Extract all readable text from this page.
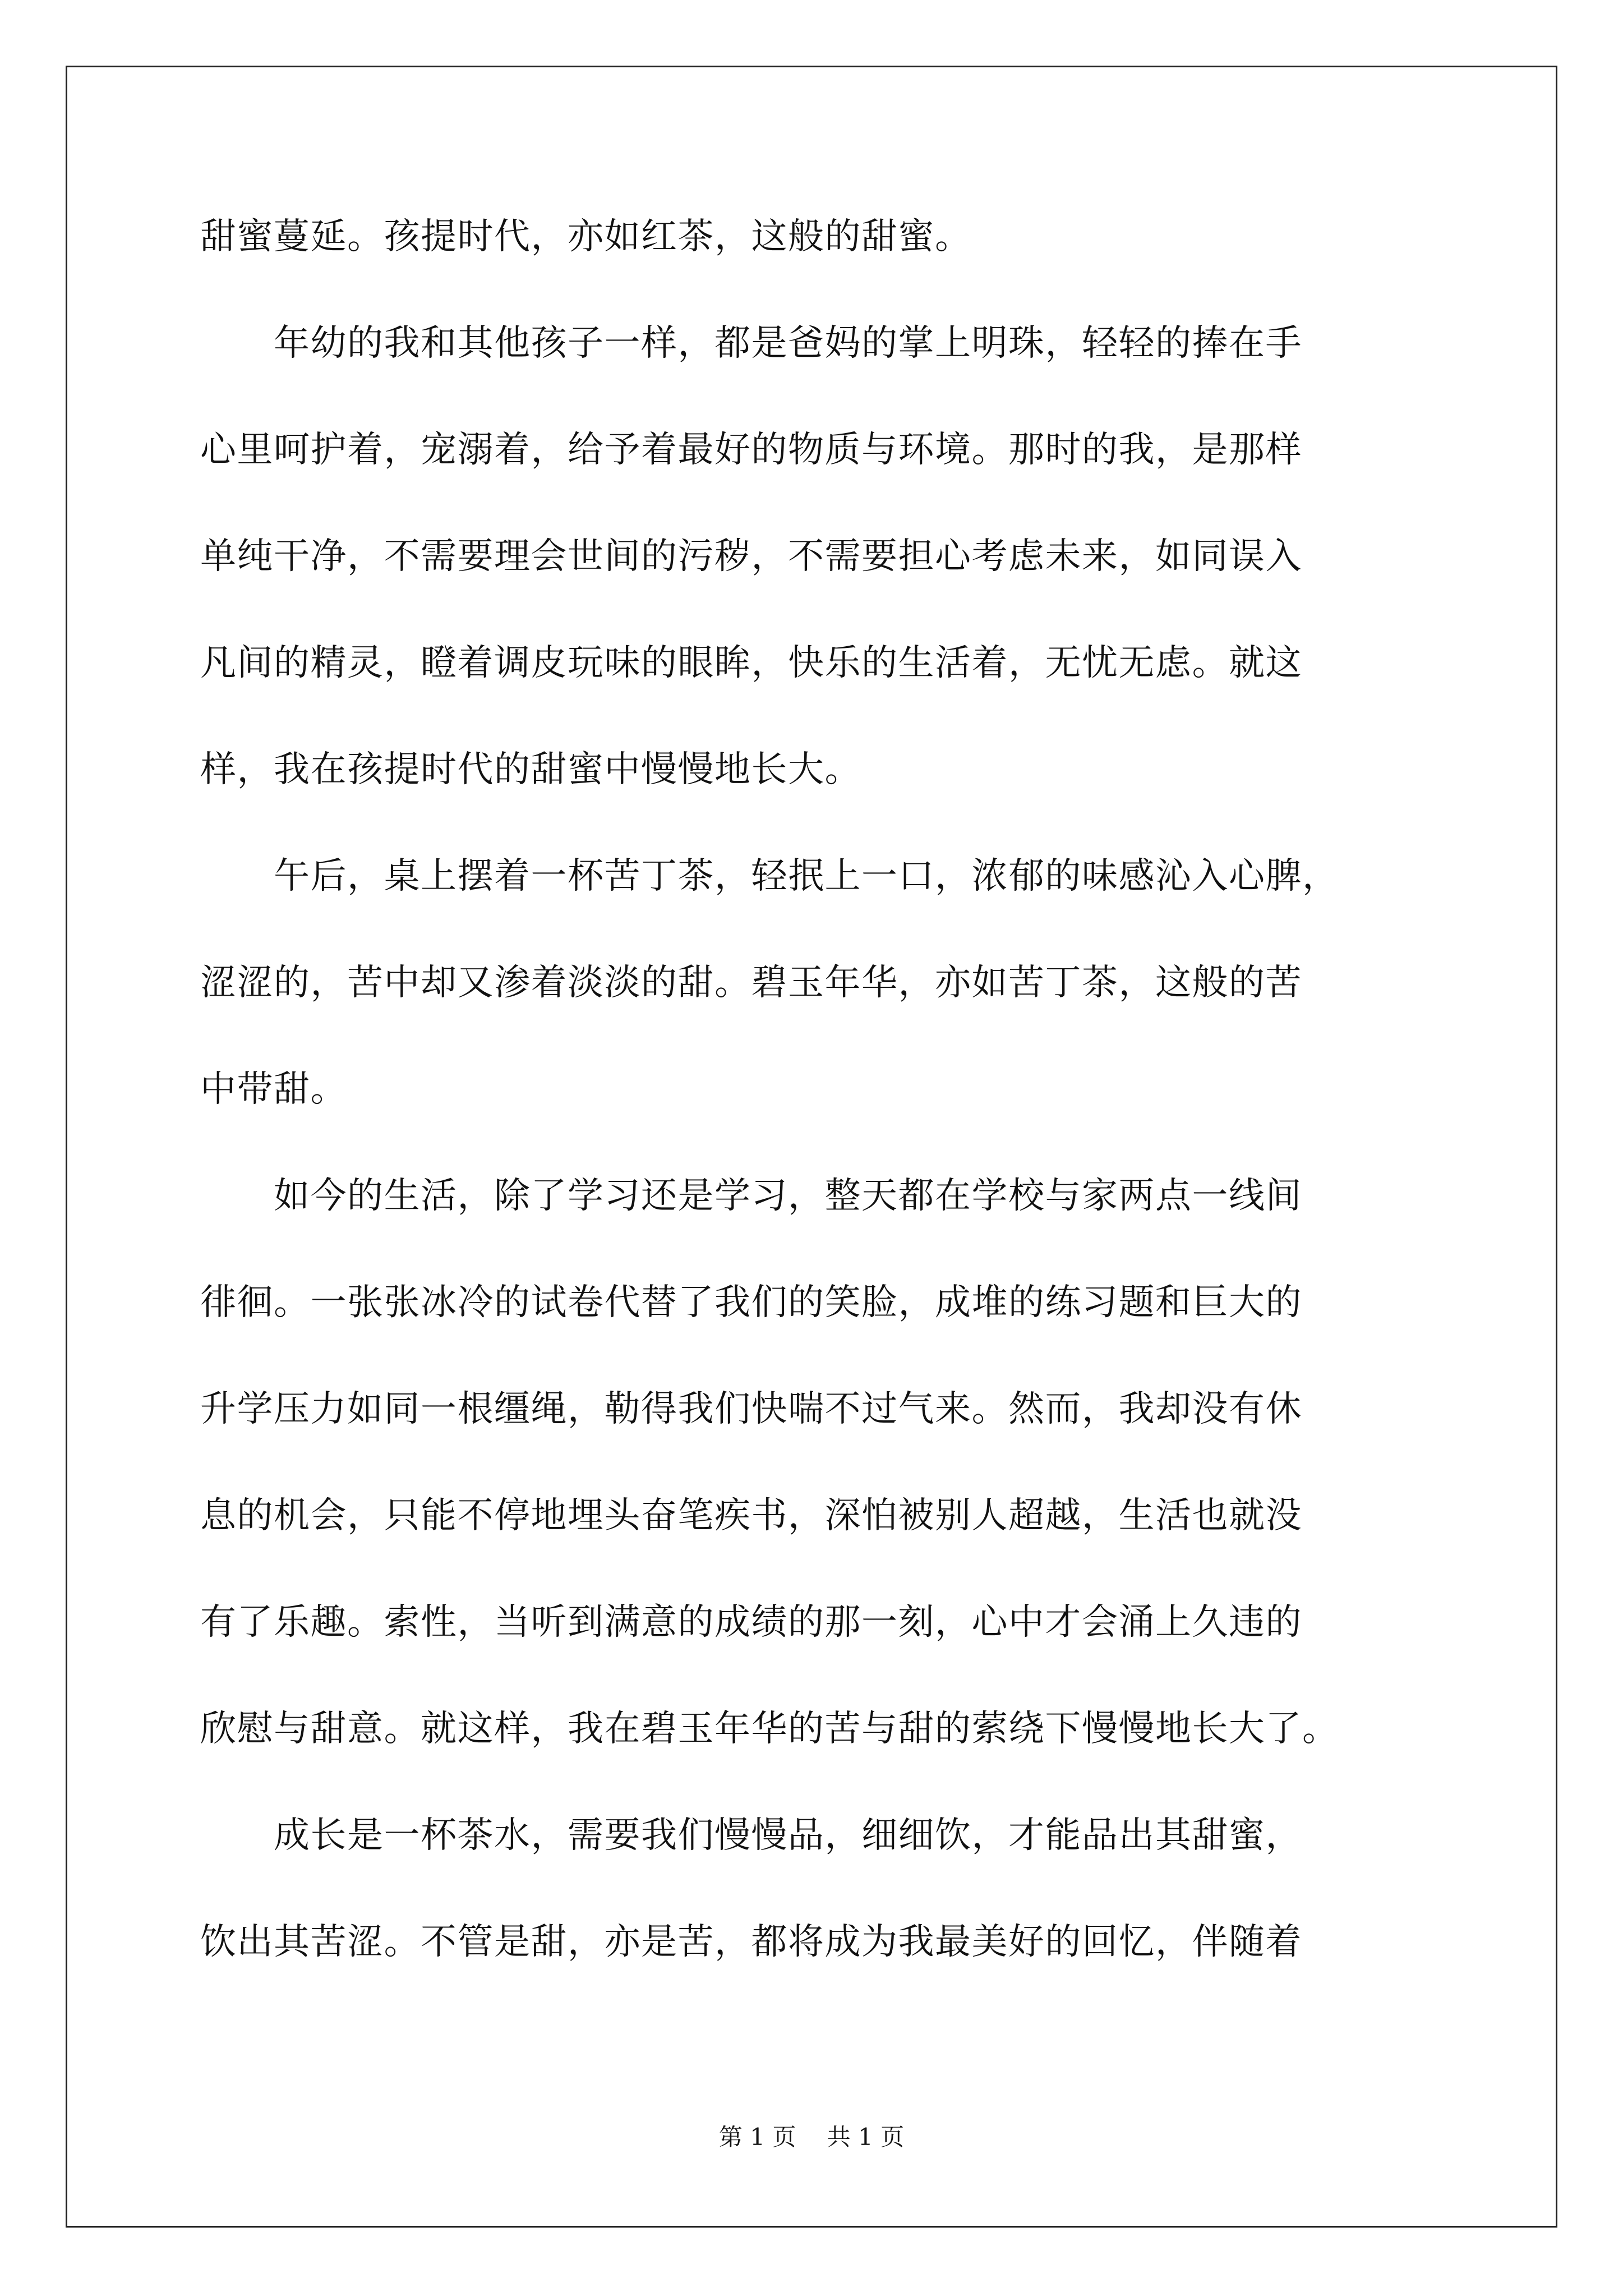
甜蜜蔓延。孩提时代，亦如红茶，这般的甜蜜。
　　年幼的我和其他孩子一样，都是爸妈的掌上明珠，轻轻的捧在手
心里呵护着，宠溺着，给予着最好的物质与环境。那时的我，是那样
单纯干净，不需要理会世间的污秽，不需要担心考虑未来，如同误入
凡间的精灵，瞪着调皮玩味的眼眸，快乐的生活着，无忧无虑。就这
样，我在孩提时代的甜蜜中慢慢地长大。
　　午后，桌上摆着一杯苦丁茶，轻抿上一口，浓郁的味感沁入心脾，
涩涩的，苦中却又渗着淡淡的甜。碧玉年华，亦如苦丁茶，这般的苦
中带甜。
　　如今的生活，除了学习还是学习，整天都在学校与家两点一线间
徘徊。一张张冰冷的试卷代替了我们的笑脸，成堆的练习题和巨大的
升学压力如同一根缰绳，勒得我们快喘不过气来。然而，我却没有休
息的机会，只能不停地埋头奋笔疾书，深怕被别人超越，生活也就没
有了乐趣。索性，当听到满意的成绩的那一刻，心中才会涌上久违的
欣慰与甜意。就这样，我在碧玉年华的苦与甜的萦绕下慢慢地长大了。
　　成长是一杯茶水，需要我们慢慢品，细细饮，才能品出其甜蜜，
饮出其苦涩。不管是甜，亦是苦，都将成为我最美好的回忆，伴随着
第 1 页　 共 1 页
